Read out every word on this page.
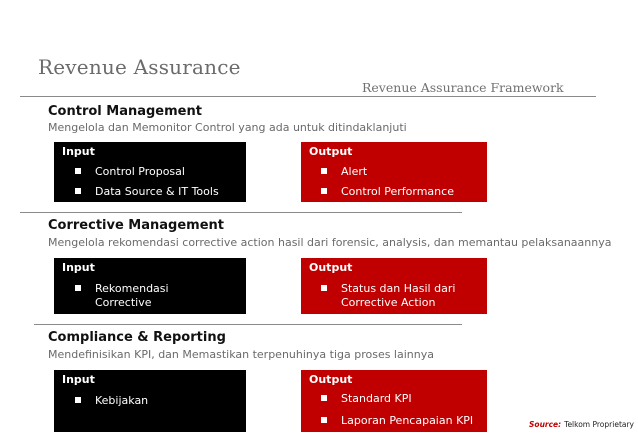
Revenue Assurance
Revenue Assurance Framework
Control Management
Mengelola dan Memonitor Control yang ada untuk ditindaklanjuti
Input
Control Proposal
Data Source & IT Tools
Output
Alert
Control Performance
Corrective Management
Mengelola rekomendasi corrective action hasil dari forensic, analysis, dan memantau pelaksanaannya
Input
Rekomendasi Corrective
Output
Status dan Hasil dari Corrective Action
Compliance & Reporting
Mendefinisikan KPI, dan Memastikan terpenuhinya tiga proses lainnya
Input
Kebijakan
Output
Standard KPI
Laporan Pencapaian KPI	Source: Telkom Proprietary
